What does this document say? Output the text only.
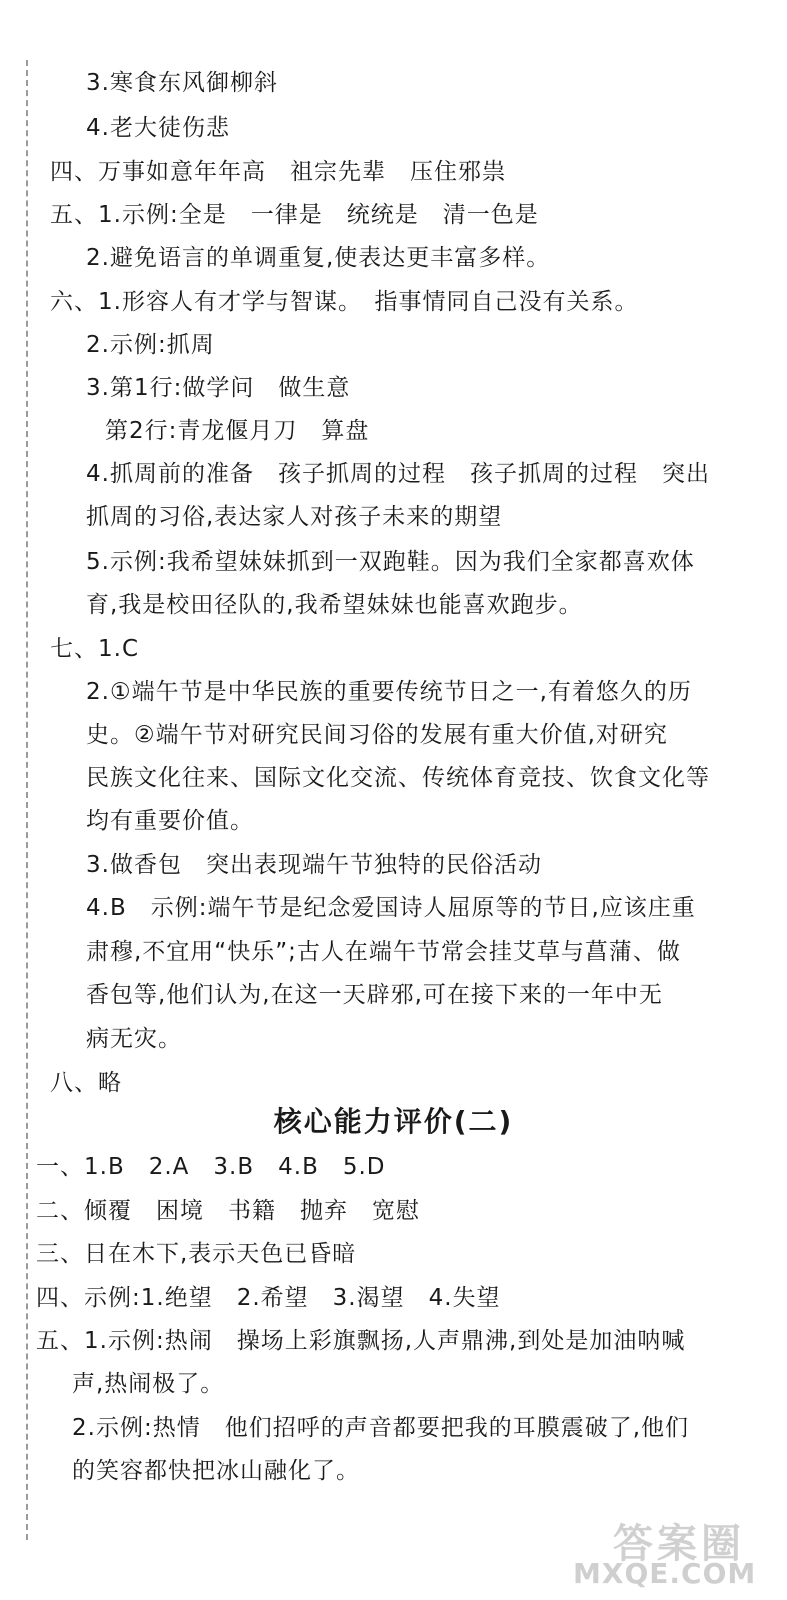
3.寒食东风御柳斜
4.老大徒伤悲
四、万事如意年年高　祖宗先辈　压住邪祟
五、1.示例:全是　一律是　统统是　清一色是
2.避免语言的单调重复,使表达更丰富多样。
六、1.形容人有才学与智谋。　指事情同自己没有关系。
2.示例:抓周
3.第1行:做学问　做生意
第2行:青龙偃月刀　算盘
4.抓周前的准备　孩子抓周的过程　孩子抓周的过程　突出
抓周的习俗,表达家人对孩子未来的期望
5.示例:我希望妹妹抓到一双跑鞋。因为我们全家都喜欢体
育,我是校田径队的,我希望妹妹也能喜欢跑步。
七、1.C
2.①端午节是中华民族的重要传统节日之一,有着悠久的历
史。②端午节对研究民间习俗的发展有重大价值,对研究
民族文化往来、国际文化交流、传统体育竞技、饮食文化等
均有重要价值。
3.做香包　突出表现端午节独特的民俗活动
4.B　示例:端午节是纪念爱国诗人屈原等的节日,应该庄重
肃穆,不宜用“快乐”;古人在端午节常会挂艾草与菖蒲、做
香包等,他们认为,在这一天辟邪,可在接下来的一年中无
病无灾。
八、略
核心能力评价(二)
一、1.B　2.A　3.B　4.B　5.D
二、倾覆　困境　书籍　抛弃　宽慰
三、日在木下,表示天色已昏暗
四、示例:1.绝望　2.希望　3.渴望　4.失望
五、1.示例:热闹　操场上彩旗飘扬,人声鼎沸,到处是加油呐喊
声,热闹极了。
2.示例:热情　他们招呼的声音都要把我的耳膜震破了,他们
的笑容都快把冰山融化了。
答案圈
MXQE.COM
